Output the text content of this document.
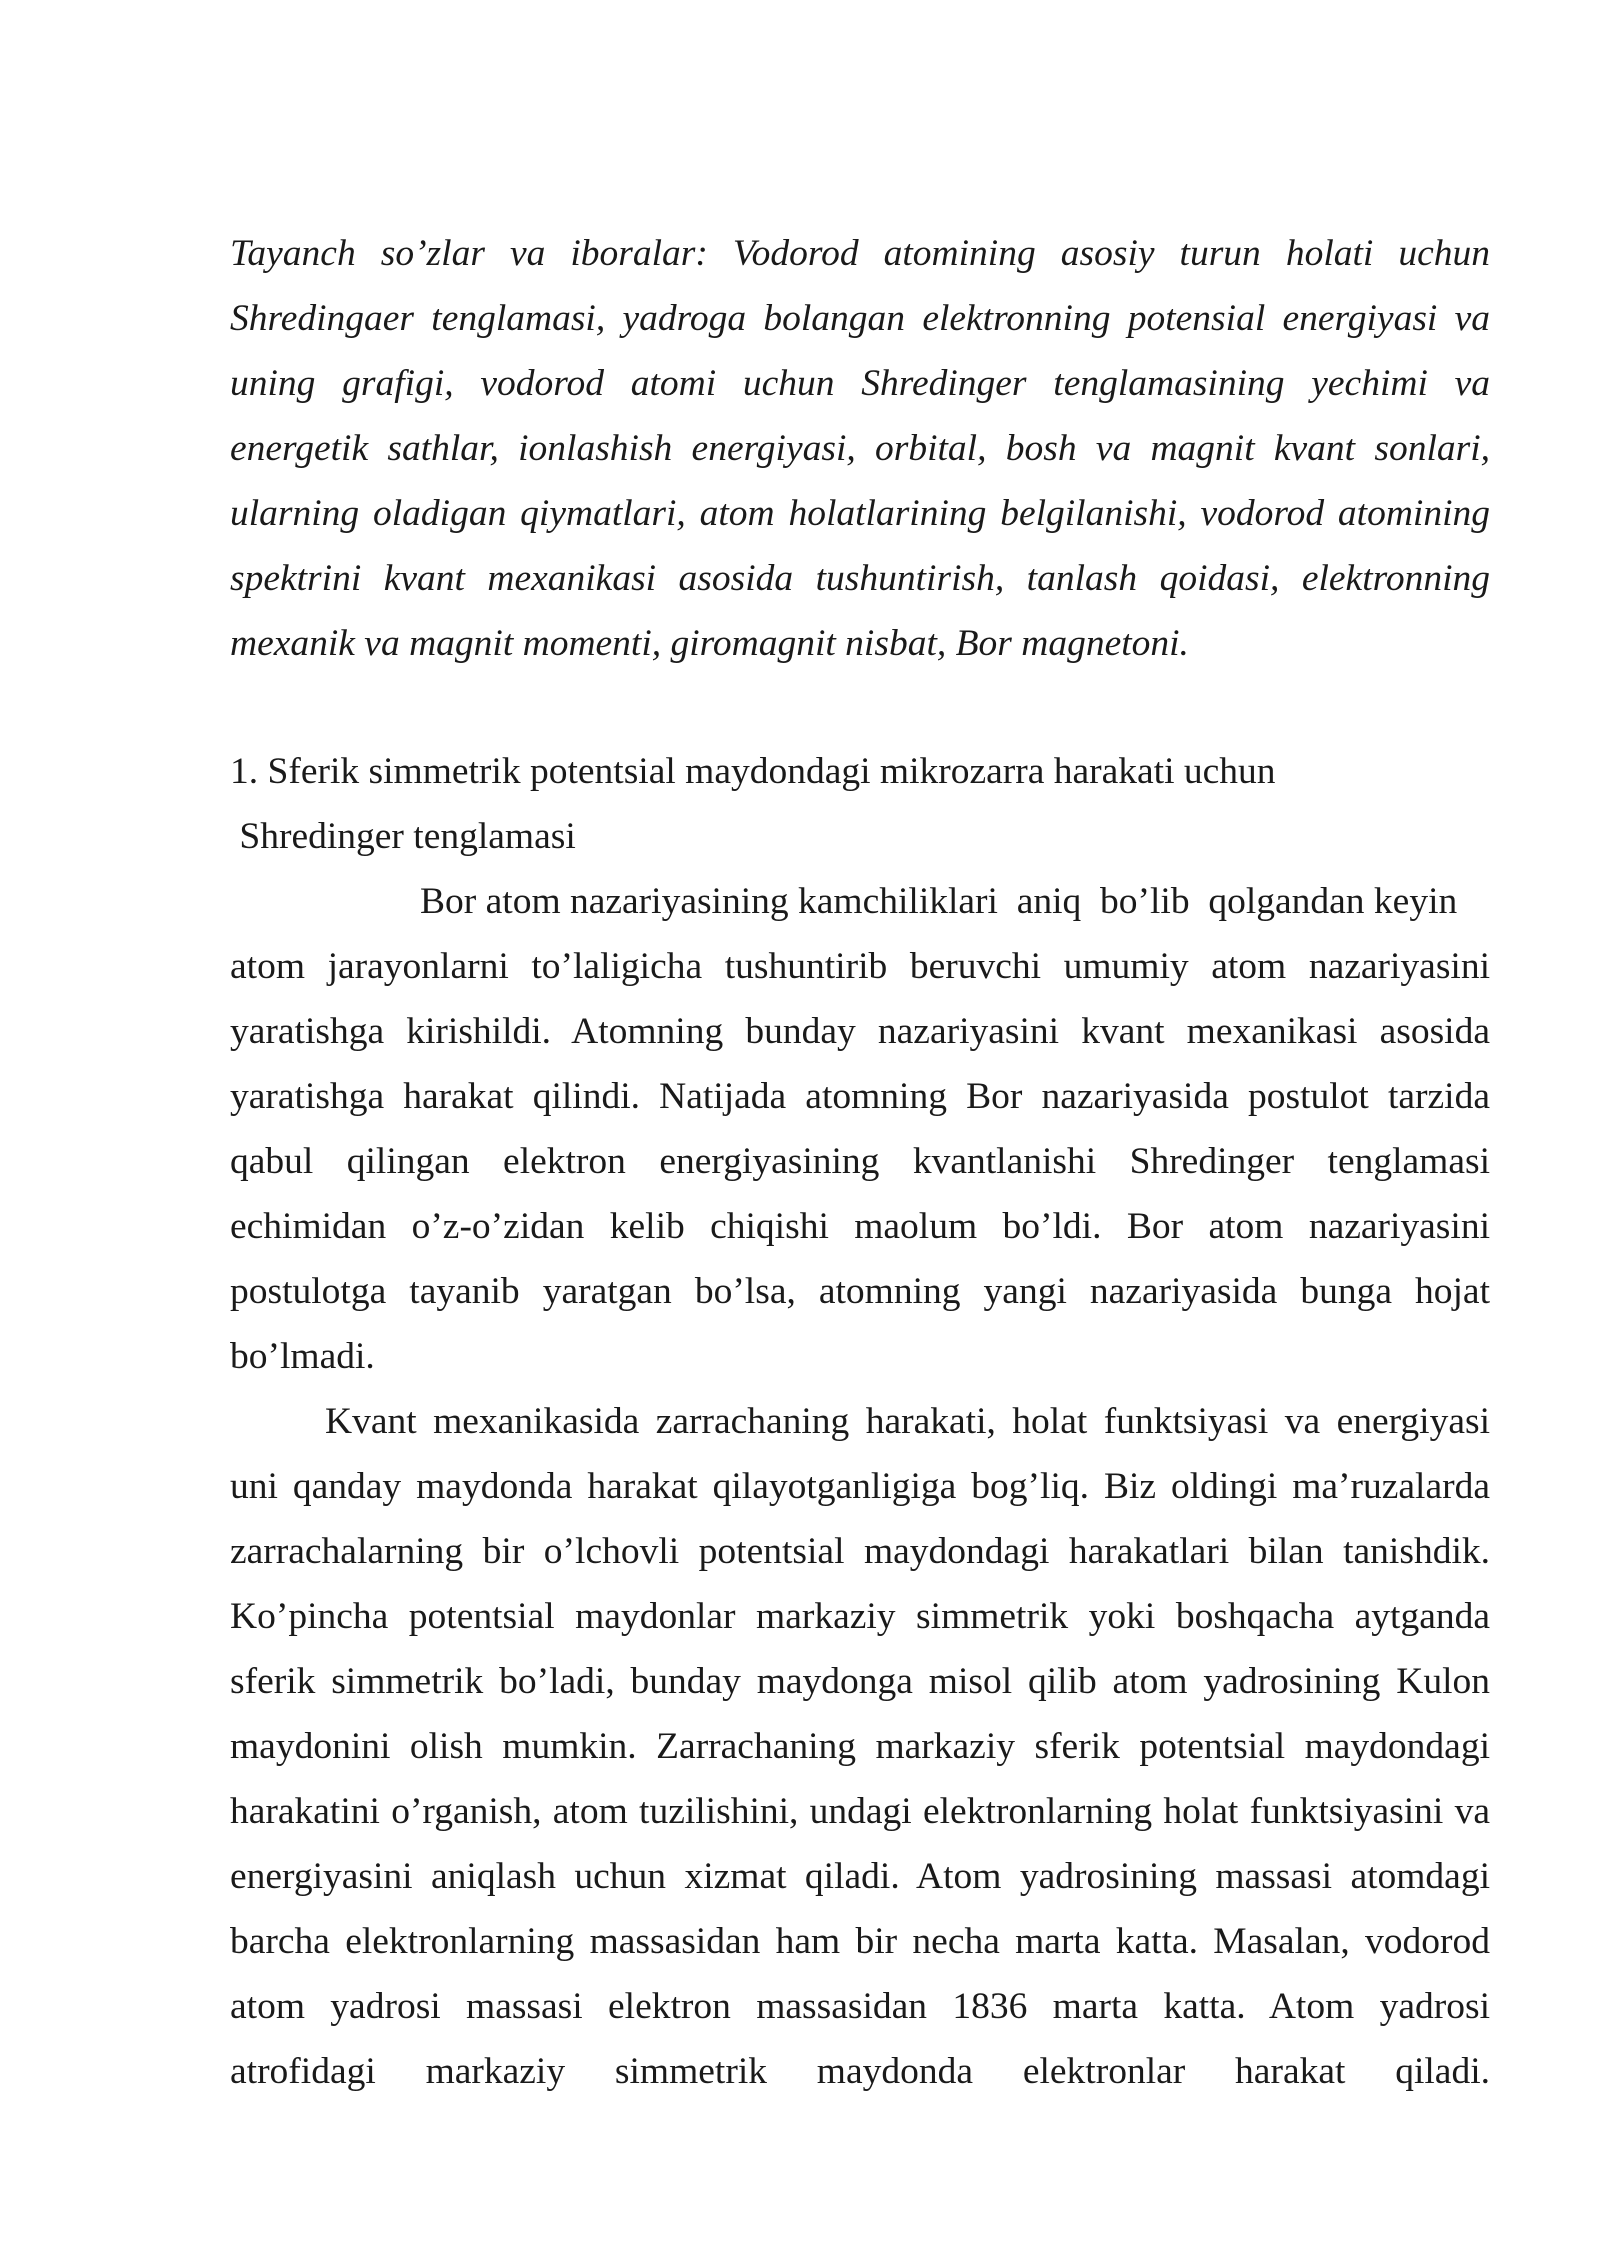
Tayanch so’zlar va iboralar: Vodorod atomining asosiy turun holati uchun
Shredingaer tenglamasi, yadroga bolangan elektronning potensial energiyasi va
uning grafigi, vodorod atomi uchun Shredinger tenglamasining yechimi va
energetik sathlar, ionlashish energiyasi, orbital, bosh va magnit kvant sonlari,
ularning oladigan qiymatlari, atom holatlarining belgilanishi, vodorod atomining
spektrini kvant mexanikasi asosida tushuntirish, tanlash qoidasi, elektronning
mexanik va magnit momenti, giromagnit nisbat, Bor magnetoni.
1. Sferik simmetrik potentsial maydondagi mikrozarra harakati uchun
Shredinger tenglamasi
Bor atom nazariyasining kamchiliklari  aniq  bo’lib  qolgandan keyin
atom jarayonlarni to’laligicha tushuntirib beruvchi umumiy atom nazariyasini
yaratishga kirishildi. Atomning bunday nazariyasini kvant mexanikasi asosida
yaratishga harakat qilindi. Natijada atomning Bor nazariyasida postulot tarzida
qabul qilingan elektron energiyasining kvantlanishi Shredinger tenglamasi
echimidan o’z-o’zidan kelib chiqishi maolum bo’ldi. Bor atom nazariyasini
postulotga tayanib yaratgan bo’lsa, atomning yangi nazariyasida bunga hojat
bo’lmadi.
Kvant mexanikasida zarrachaning harakati, holat funktsiyasi va energiyasi
uni qanday maydonda harakat qilayotganligiga bog’liq. Biz oldingi ma’ruzalarda
zarrachalarning bir o’lchovli potentsial maydondagi harakatlari bilan tanishdik.
Ko’pincha potentsial maydonlar markaziy simmetrik yoki boshqacha aytganda
sferik simmetrik bo’ladi, bunday maydonga misol qilib atom yadrosining Kulon
maydonini olish mumkin. Zarrachaning markaziy sferik potentsial maydondagi
harakatini o’rganish, atom tuzilishini, undagi elektronlarning holat funktsiyasini va
energiyasini aniqlash uchun xizmat qiladi. Atom yadrosining massasi atomdagi
barcha elektronlarning massasidan ham bir necha marta katta. Masalan, vodorod
atom yadrosi massasi elektron massasidan 1836 marta katta. Atom yadrosi
atrofidagi markaziy simmetrik maydonda elektronlar harakat qiladi.
